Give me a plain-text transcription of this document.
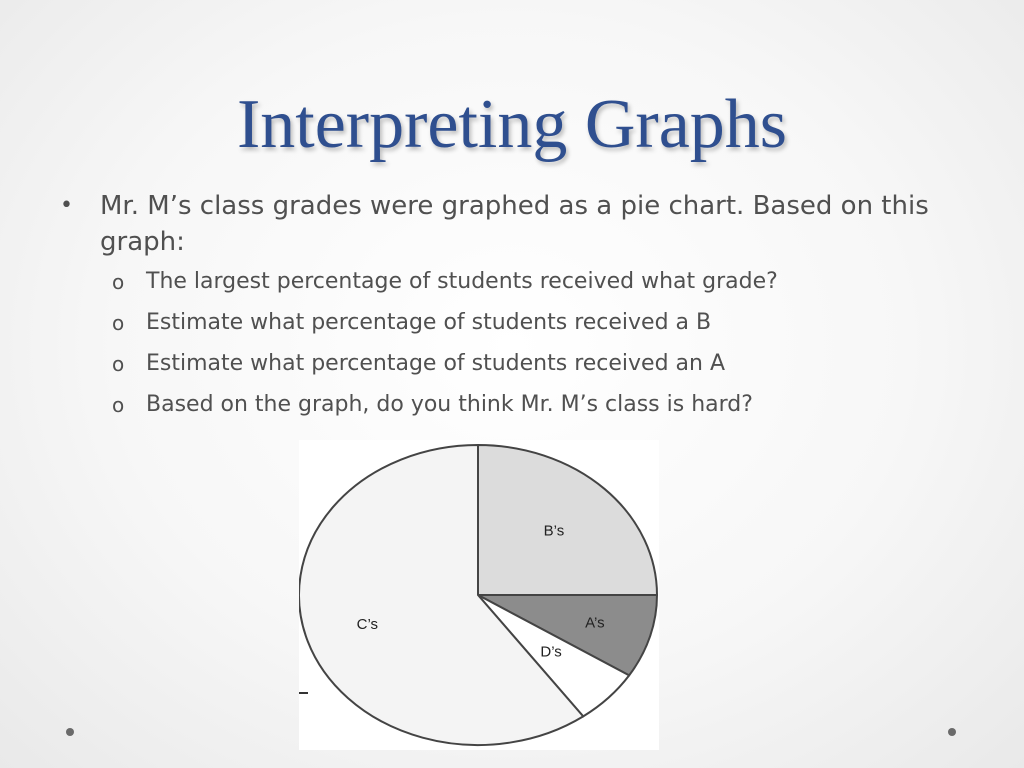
Interpreting Graphs
• Mr. M’s class grades were graphed as a pie chart. Based on this graph:
o The largest percentage of students received what grade?
o Estimate what percentage of students received a B
o Estimate what percentage of students received an A
o Based on the graph, do you think Mr. M’s class is hard?
B’s
A’s
D’s
C’s
